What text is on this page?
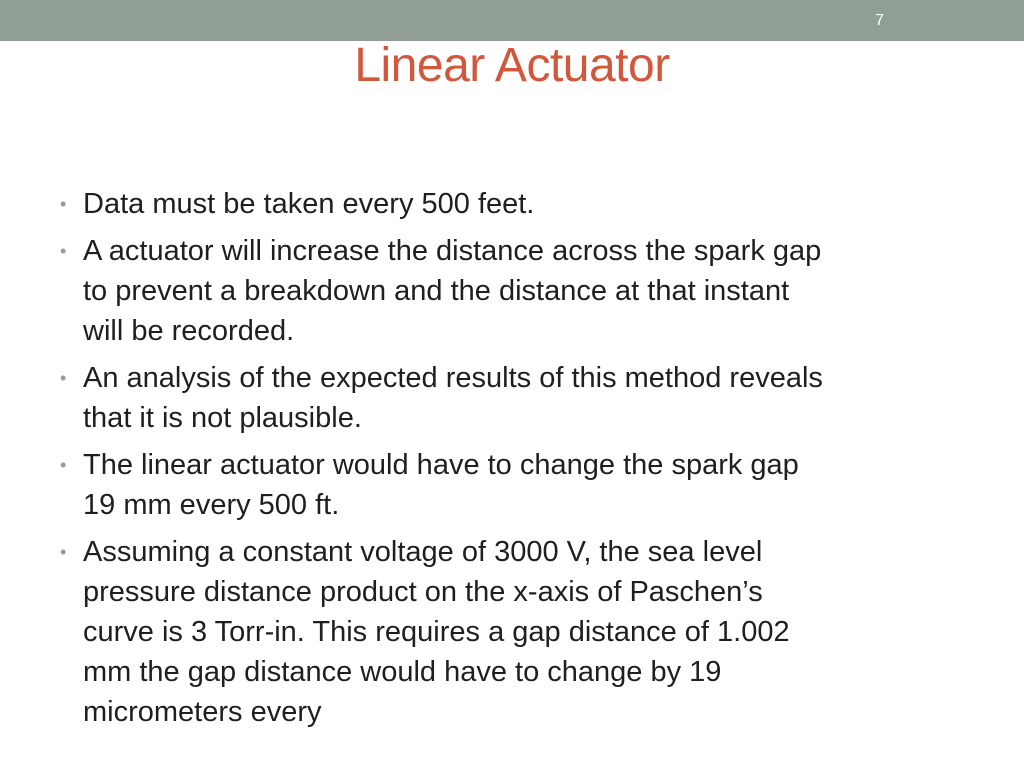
7
Linear Actuator
• Data must be taken every 500 feet.
• A actuator will increase the distance across the spark gap
to prevent a breakdown and the distance at that instant
will be recorded.
• An analysis of the expected results of this method reveals
that it is not plausible.
• The linear actuator would have to change the spark gap
19 mm every 500 ft.
• Assuming a constant voltage of 3000 V, the sea level
pressure distance product on the x-axis of Paschen’s
curve is 3 Torr-in. This requires a gap distance of 1.002
mm the gap distance would have to change by 19
micrometers every
